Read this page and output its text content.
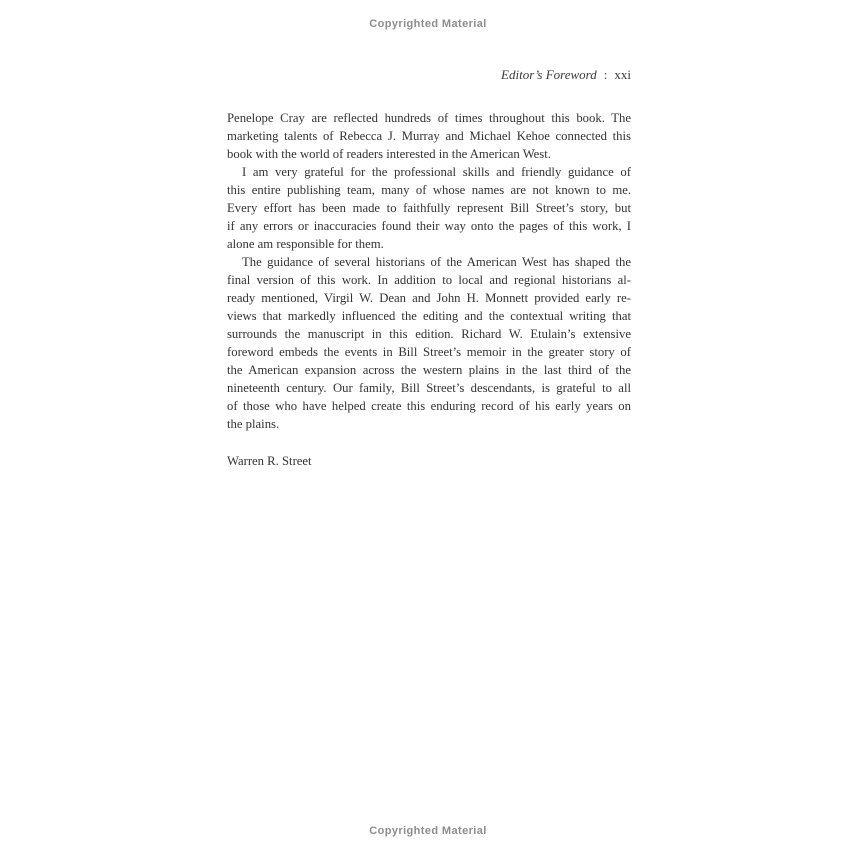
Copyrighted Material
Editor’s Foreword : xxi
Penelope Cray are reflected hundreds of times throughout this book. The
marketing talents of Rebecca J. Murray and Michael Kehoe connected this
book with the world of readers interested in the American West.
I am very grateful for the professional skills and friendly guidance of
this entire publishing team, many of whose names are not known to me.
Every effort has been made to faithfully represent Bill Street’s story, but
if any errors or inaccuracies found their way onto the pages of this work, I
alone am responsible for them.
The guidance of several historians of the American West has shaped the
final version of this work. In addition to local and regional historians al-
ready mentioned, Virgil W. Dean and John H. Monnett provided early re-
views that markedly influenced the editing and the contextual writing that
surrounds the manuscript in this edition. Richard W. Etulain’s extensive
foreword embeds the events in Bill Street’s memoir in the greater story of
the American expansion across the western plains in the last third of the
nineteenth century. Our family, Bill Street’s descendants, is grateful to all
of those who have helped create this enduring record of his early years on
the plains.
Warren R. Street
Copyrighted Material
